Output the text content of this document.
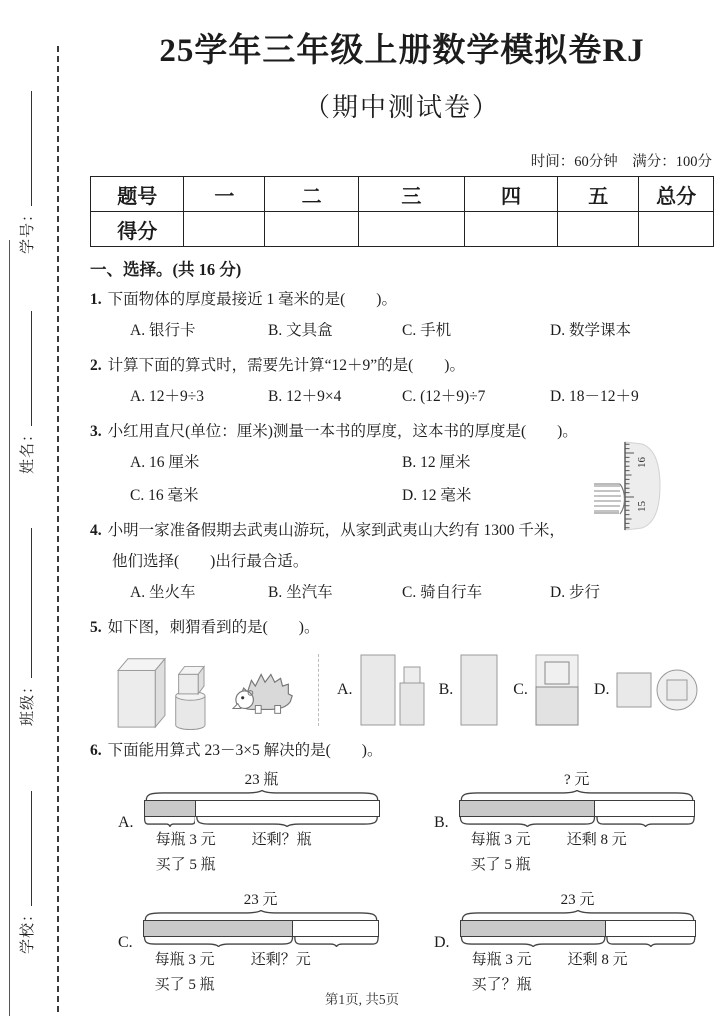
学号：
姓名：
班级：
学校：
25学年三年级上册数学模拟卷RJ
（期中测试卷）
时间：60分钟　满分：100分
题号	一	二	三	四	五	总分
得分						
一、选择。(共 16 分)
1. 下面物体的厚度最接近 1 毫米的是(　　)。
A. 银行卡	B. 文具盒	C. 手机	D. 数学课本
2. 计算下面的算式时，需要先计算“12＋9”的是(　　)。
A. 12＋9÷3	B. 12＋9×4	C. (12＋9)÷7	D. 18－12＋9
3. 小红用直尺(单位：厘米)测量一本书的厚度，这本书的厚度是(　　)。
A. 16 厘米	B. 12 厘米
C. 16 毫米	D. 12 毫米
16
15
4. 小明一家准备假期去武夷山游玩，从家到武夷山大约有 1300 千米，
他们选择(　　)出行最合适。
A. 坐火车	B. 坐汽车	C. 骑自行车	D. 步行
5. 如下图，刺猬看到的是(　　)。
A.	B.	C.	D.
6. 下面能用算式 23－3×5 解决的是(　　)。
A.
23 瓶
每瓶 3 元 还剩？瓶
买了 5 瓶
B.
? 元
每瓶 3 元 还剩 8 元
买了 5 瓶
C.
23 元
每瓶 3 元 还剩？元
买了 5 瓶
D.
23 元
每瓶 3 元 还剩 8 元
买了？瓶
第1页, 共5页
